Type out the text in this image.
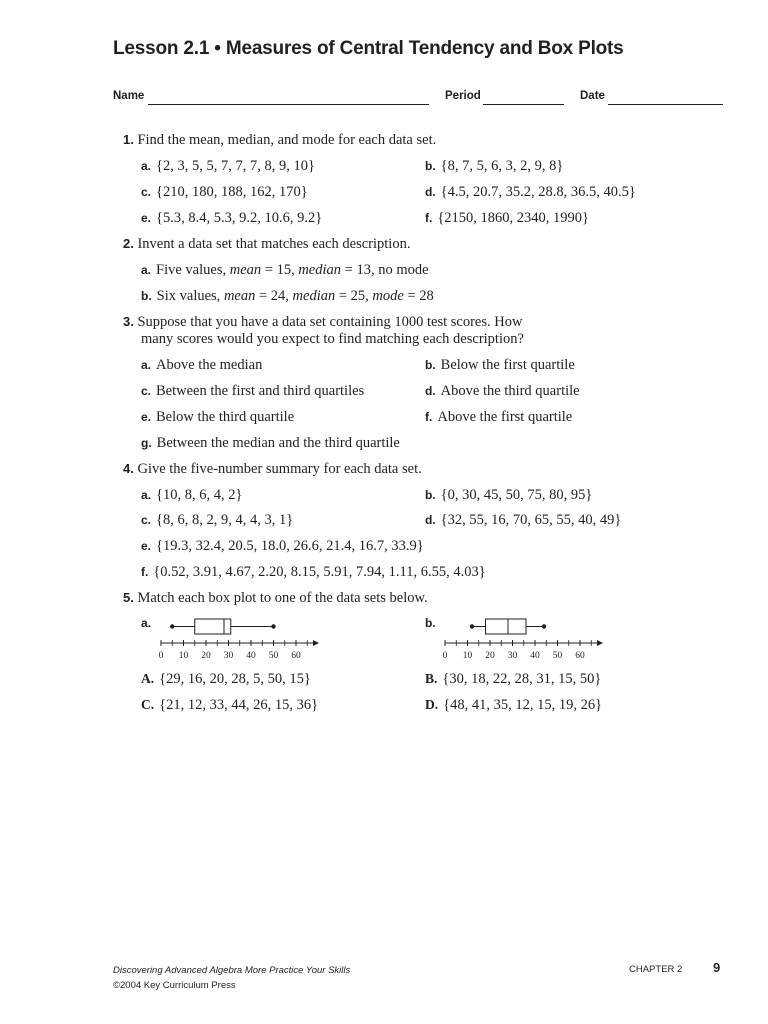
Lesson 2.1 • Measures of Central Tendency and Box Plots
Name	Period	Date
1. Find the mean, median, and mode for each data set.
a. {2, 3, 5, 5, 7, 7, 7, 8, 9, 10}	b. {8, 7, 5, 6, 3, 2, 9, 8}
c. {210, 180, 188, 162, 170}	d. {4.5, 20.7, 35.2, 28.8, 36.5, 40.5}
e. {5.3, 8.4, 5.3, 9.2, 10.6, 9.2}	f. {2150, 1860, 2340, 1990}
2. Invent a data set that matches each description.
a. Five values, mean = 15, median = 13, no mode
b. Six values, mean = 24, median = 25, mode = 28
3. Suppose that you have a data set containing 1000 test scores. How
many scores would you expect to find matching each description?
a. Above the median	b. Below the first quartile
c. Between the first and third quartiles	d. Above the third quartile
e. Below the third quartile	f. Above the first quartile
g. Between the median and the third quartile
4. Give the five-number summary for each data set.
a. {10, 8, 6, 4, 2}	b. {0, 30, 45, 50, 75, 80, 95}
c. {8, 6, 8, 2, 9, 4, 4, 3, 1}	d. {32, 55, 16, 70, 65, 55, 40, 49}
e. {19.3, 32.4, 20.5, 18.0, 26.6, 21.4, 16.7, 33.9}
f. {0.52, 3.91, 4.67, 2.20, 8.15, 5.91, 7.94, 1.11, 6.55, 4.03}
5. Match each box plot to one of the data sets below.
a.	b.
0 10 20 30 40 50 60	0 10 20 30 40 50 60
A. {29, 16, 20, 28, 5, 50, 15}	B. {30, 18, 22, 28, 31, 15, 50}
C. {21, 12, 33, 44, 26, 15, 36}	D. {48, 41, 35, 12, 15, 19, 26}
Discovering Advanced Algebra More Practice Your Skills
©2004 Key Curriculum Press
CHAPTER 2 9
